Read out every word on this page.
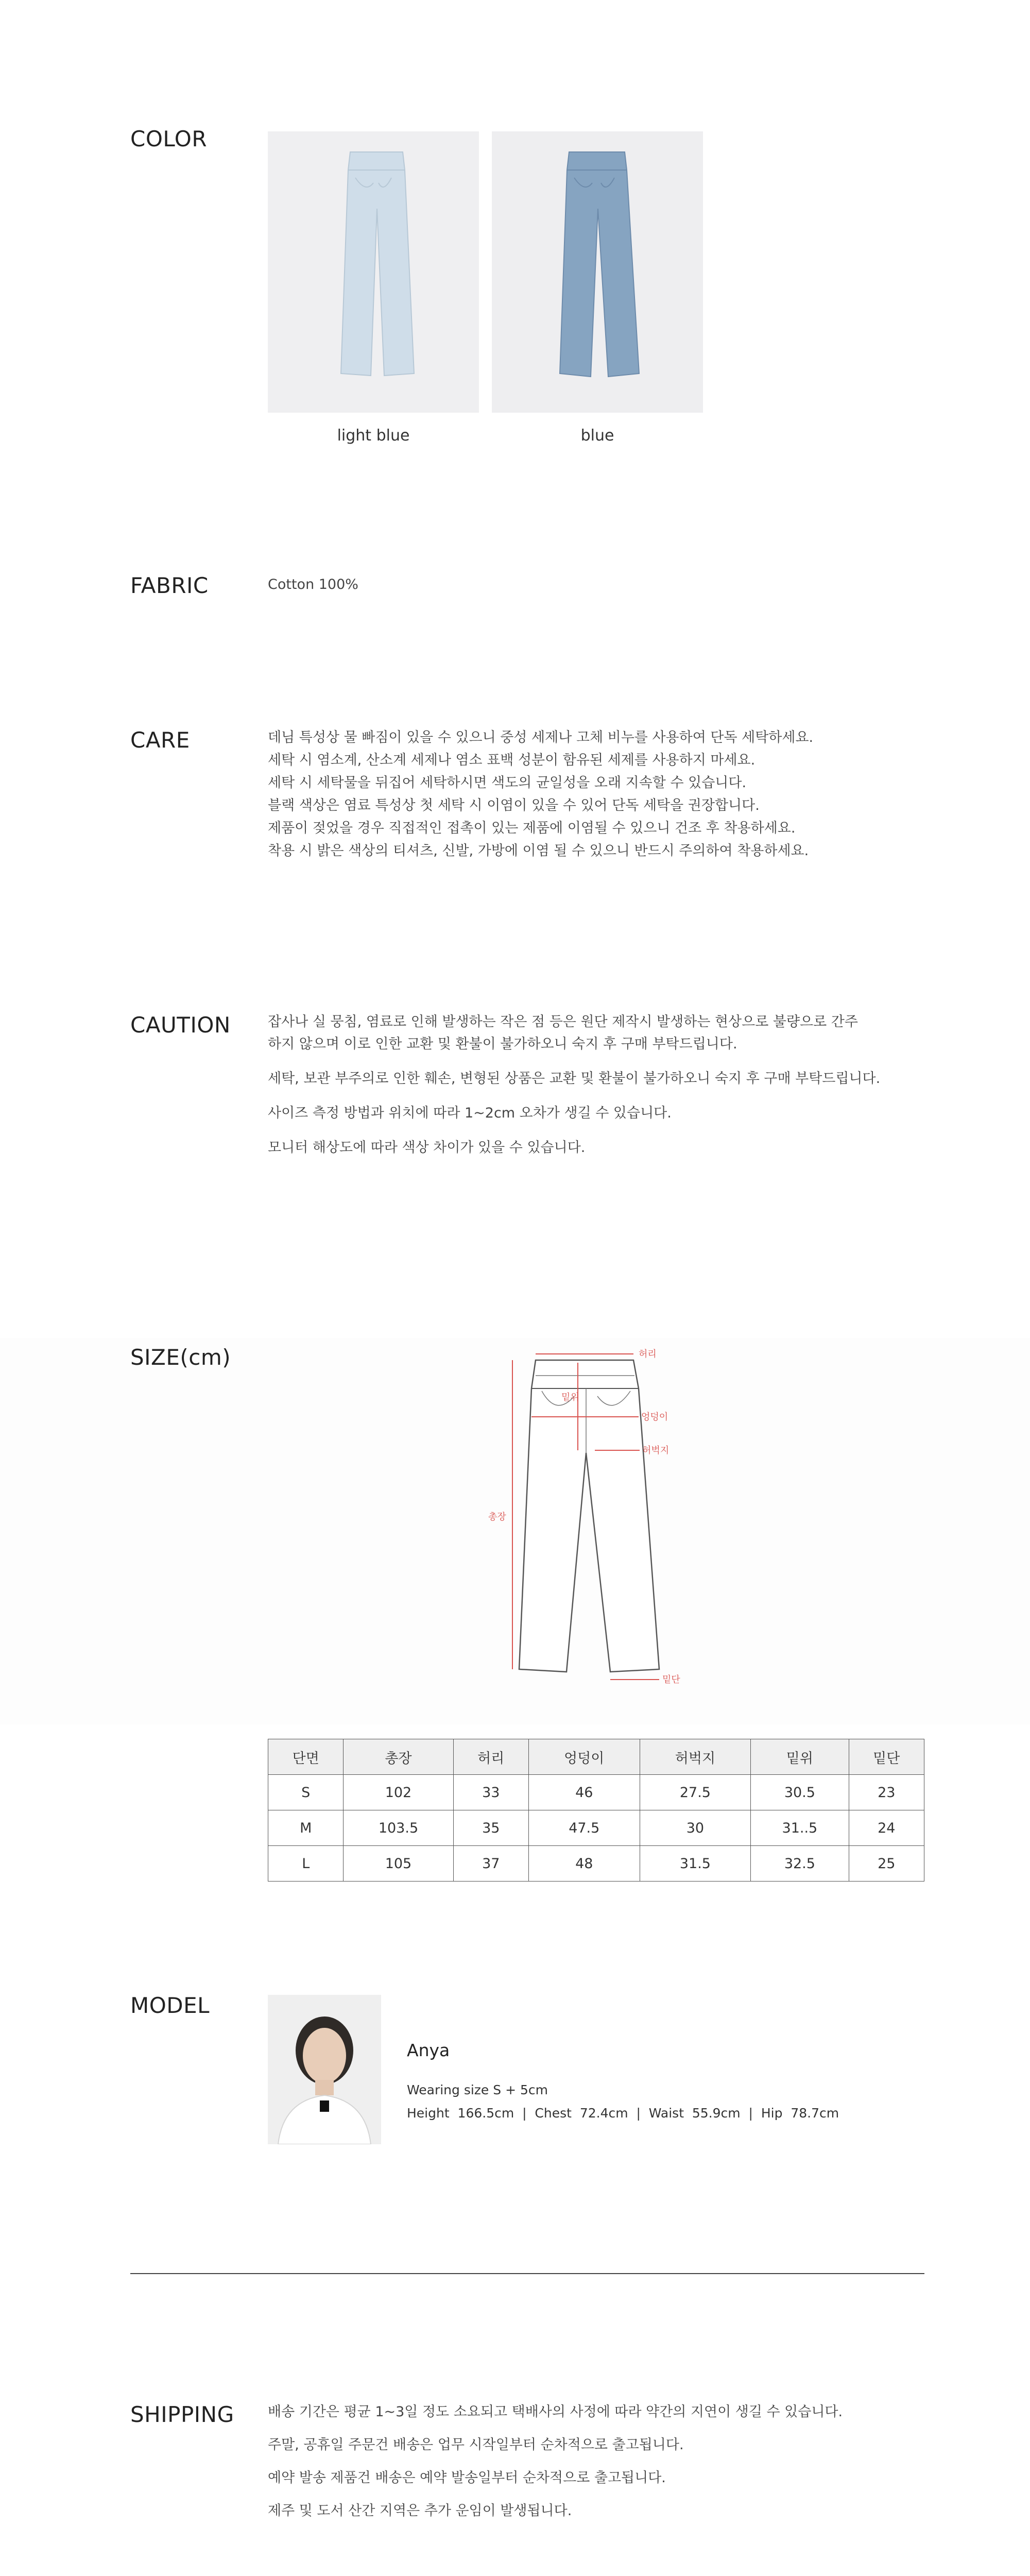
COLOR
light blue	blue
FABRIC	Cotton 100%
CARE	데님 특성상 물 빠짐이 있을 수 있으니 중성 세제나 고체 비누를 사용하여 단독 세탁하세요.

세탁 시 염소계, 산소계 세제나 염소 표백 성분이 함유된 세제를 사용하지 마세요.

세탁 시 세탁물을 뒤집어 세탁하시면 색도의 균일성을 오래 지속할 수 있습니다.

블랙 색상은 염료 특성상 첫 세탁 시 이염이 있을 수 있어 단독 세탁을 권장합니다.

제품이 젖었을 경우 직접적인 접촉이 있는 제품에 이염될 수 있으니 건조 후 착용하세요.

착용 시 밝은 색상의 티셔츠, 신발, 가방에 이염 될 수 있으니 반드시 주의하여 착용하세요.

CAUTION	잡사나 실 뭉침, 염료로 인해 발생하는 작은 점 등은 원단 제작시 발생하는 현상으로 불량으로 간주

하지 않으며 이로 인한 교환 및 환불이 불가하오니 숙지 후 구매 부탁드립니다.

세탁, 보관 부주의로 인한 훼손, 변형된 상품은 교환 및 환불이 불가하오니 숙지 후 구매 부탁드립니다.

사이즈 측정 방법과 위치에 따라 1~2cm 오차가 생길 수 있습니다.

모니터 해상도에 따라 색상 차이가 있을 수 있습니다.

SIZE(cm)	허리
밑위
엉덩이
허벅지
총장
밑단
단면	총장	허리	엉덩이	허벅지	밑위	밑단
S	102	33	46	27.5	30.5	23
M	103.5	35	47.5	30	31..5	24
L	105	37	48	31.5	32.5	25
MODEL
Anya
Wearing size S + 5cm
Height  166.5cm  |  Chest  72.4cm  |  Waist  55.9cm  |  Hip  78.7cm
SHIPPING 배송 기간은 평균 1~3일 정도 소요되고 택배사의 사정에 따라 약간의 지연이 생길 수 있습니다.

주말, 공휴일 주문건 배송은 업무 시작일부터 순차적으로 출고됩니다.

예약 발송 제품건 배송은 예약 발송일부터 순차적으로 출고됩니다.

제주 및 도서 산간 지역은 추가 운임이 발생됩니다.
